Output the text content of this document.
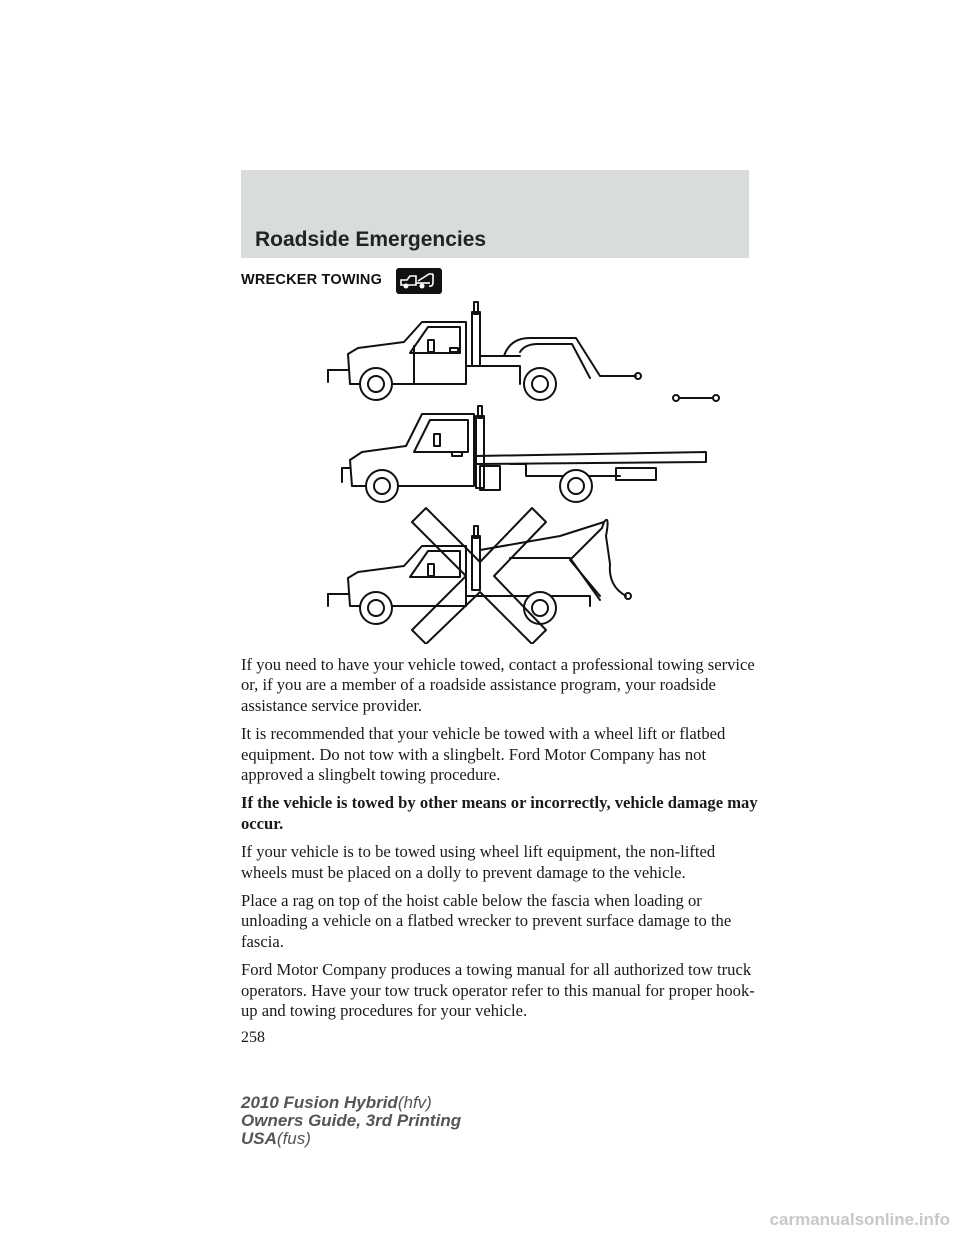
Roadside Emergencies
WRECKER TOWING

If you need to have your vehicle towed, contact a professional towing service or, if you are a member of a roadside assistance program, your roadside assistance service provider.

It is recommended that your vehicle be towed with a wheel lift or flatbed equipment. Do not tow with a slingbelt. Ford Motor Company has not approved a slingbelt towing procedure.

If the vehicle is towed by other means or incorrectly, vehicle damage may occur.

If your vehicle is to be towed using wheel lift equipment, the non-lifted wheels must be placed on a dolly to prevent damage to the vehicle.

Place a rag on top of the hoist cable below the fascia when loading or unloading a vehicle on a flatbed wrecker to prevent surface damage to the fascia.

Ford Motor Company produces a towing manual for all authorized tow truck operators. Have your tow truck operator refer to this manual for proper hook-up and towing procedures for your vehicle.

258
2010 Fusion Hybrid(hfv)
Owners Guide, 3rd Printing
USA(fus)
carmanualsonline.info
